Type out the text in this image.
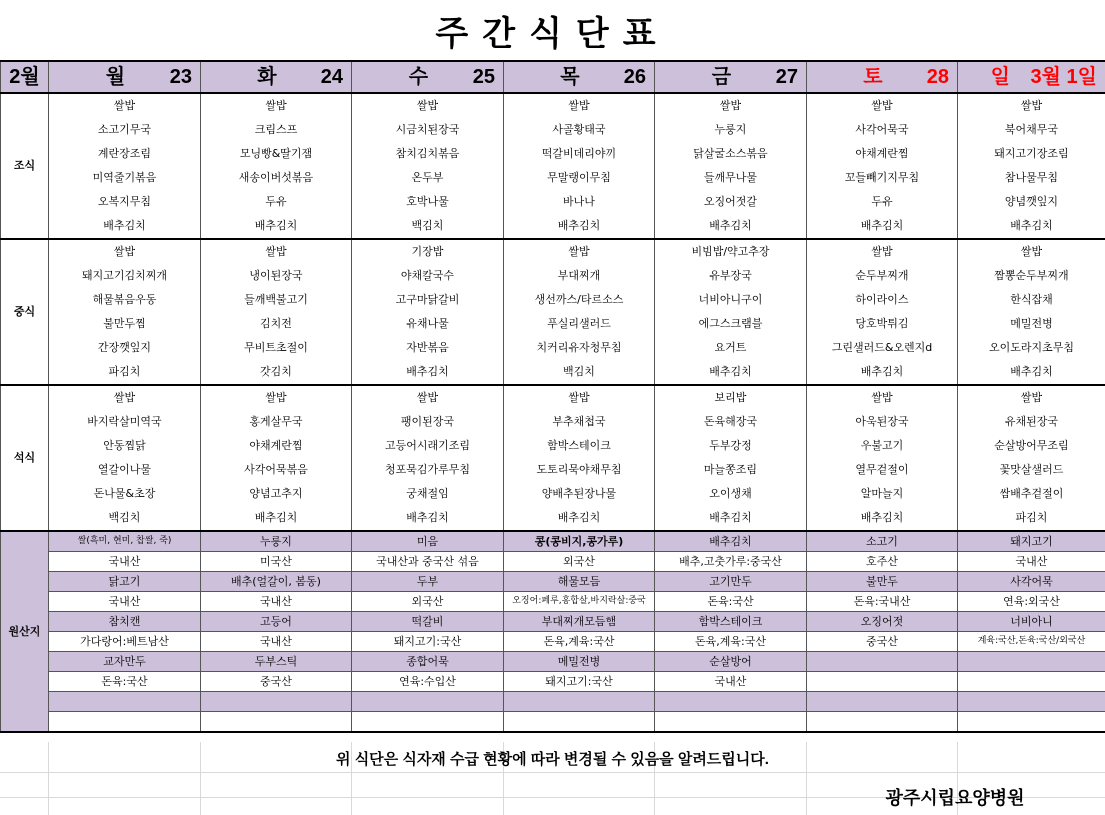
주간식단표
2월	월 23	화 24	수 25	목 26	금 27	토 28	일 3월 1일

조식	쌀밥	쌀밥	쌀밥	쌀밥	쌀밥	쌀밥	쌀밥
	소고기무국	크림스프	시금치된장국	사골황태국	누룽지	사각어묵국	북어채무국
	계란장조림	모닝빵&딸기잼	참치김치볶음	떡갈비데리야끼	닭살굴소스볶음	야채계란찜	돼지고기장조림
	미역줄기볶음	새송이버섯볶음	온두부	무말랭이무침	들깨무나물	꼬들빼기지무침	참나물무침
	오복지무침	두유	호박나물	바나나	오징어젓갈	두유	양념깻잎지
	배추김치	배추김치	백김치	배추김치	배추김치	배추김치	배추김치
중식	쌀밥	쌀밥	기장밥	쌀밥	비빔밥/약고추장	쌀밥	쌀밥
	돼지고기김치찌개	냉이된장국	야채칼국수	부대찌개	유부장국	순두부찌개	짬뽕순두부찌개
	해물볶음우동	들깨백불고기	고구마닭갈비	생선까스/타르소스	너비아니구이	하이라이스	한식잡채
	불만두찜	김치전	유채나물	푸실리샐러드	에그스크램블	당호박튀김	메밀전병
	간장깻잎지	무비트초절이	자반볶음	치커리유자청무침	요거트	그린샐러드&오렌지d	오이도라지초무침
	파김치	갓김치	배추김치	백김치	배추김치	배추김치	배추김치
석식	쌀밥	쌀밥	쌀밥	쌀밥	보리밥	쌀밥	쌀밥
	바지락살미역국	홍게살무국	팽이된장국	부추채첩국	돈육해장국	아욱된장국	유채된장국
	안동찜닭	야채계란찜	고등어시래기조림	함박스테이크	두부강정	우불고기	순살방어무조림
	열갈이나물	사각어묵볶음	청포묵김가루무침	도토리묵야채무침	마늘쫑조림	열무겉절이	꽃맛살샐러드
	돈나물&초장	양념고추지	궁채절임	양배추된장나물	오이생채	알마늘지	쌈배추겉절이
	백김치	배추김치	배추김치	배추김치	배추김치	배추김치	파김치
원산지	쌀(흑미, 현미, 찹쌀, 죽)	누룽지	미음	콩(콩비지,콩가루)	배추김치	소고기	돼지고기
	국내산	미국산	국내산과 중국산 섞음	외국산	배추,고춧가루:중국산	호주산	국내산
	닭고기	배추(얼갈이, 봄동)	두부	해물모듬	고기만두	불만두	사각어묵
	국내산	국내산	외국산	오징어:페루,홍합살,바지락살:중국	돈육:국산	돈육:국내산	연육:외국산
	참치캔	고등어	떡갈비	부대찌개모듬햄	함박스테이크	오징어젓	너비아니
	가다랑어:베트남산	국내산	돼지고기:국산	돈육,계육:국산	돈육,계육:국산	중국산	계육:국산,돈육:국산/외국산
	교자만두	두부스틱	종합어묵	메밀전병	순살방어		
	돈육:국산	중국산	연육:수입산	돼지고기:국산	국내산		

위 식단은 식자재 수급 현황에 따라 변경될 수 있음을 알려드립니다.
광주시립요양병원
